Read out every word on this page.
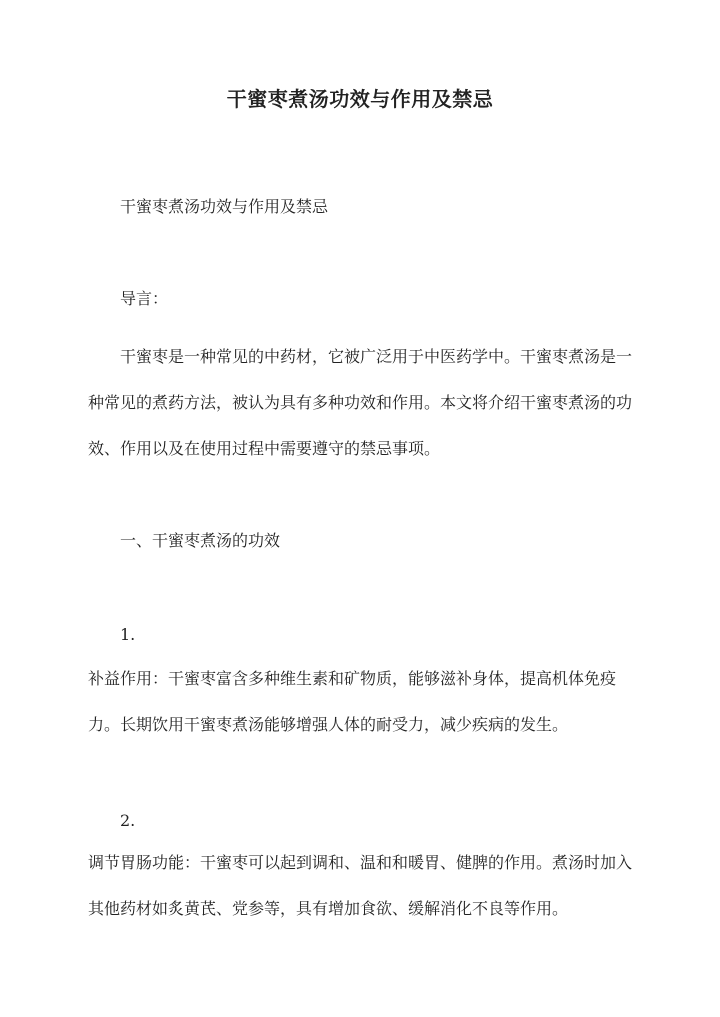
干蜜枣煮汤功效与作用及禁忌

干蜜枣煮汤功效与作用及禁忌

导言：

干蜜枣是一种常见的中药材，它被广泛用于中医药学中。干蜜枣煮汤是一种常见的煮药方法，被认为具有多种功效和作用。本文将介绍干蜜枣煮汤的功效、作用以及在使用过程中需要遵守的禁忌事项。

一、干蜜枣煮汤的功效

1.

补益作用：干蜜枣富含多种维生素和矿物质，能够滋补身体，提高机体免疫力。长期饮用干蜜枣煮汤能够增强人体的耐受力，减少疾病的发生。

2.

调节胃肠功能：干蜜枣可以起到调和、温和和暖胃、健脾的作用。煮汤时加入其他药材如炙黄芪、党参等，具有增加食欲、缓解消化不良等作用。
